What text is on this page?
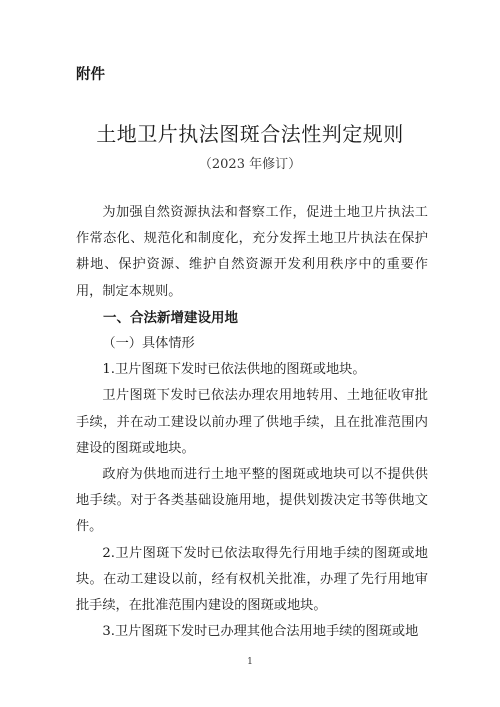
附件
土地卫片执法图斑合法性判定规则
（2023 年修订）

为加强自然资源执法和督察工作，促进土地卫片执法工作常态化、规范化和制度化，充分发挥土地卫片执法在保护耕地、保护资源、维护自然资源开发利用秩序中的重要作用，制定本规则。

一、合法新增建设用地

（一）具体情形

1.卫片图斑下发时已依法供地的图斑或地块。

卫片图斑下发时已依法办理农用地转用、土地征收审批手续，并在动工建设以前办理了供地手续，且在批准范围内建设的图斑或地块。

政府为供地而进行土地平整的图斑或地块可以不提供供地手续。对于各类基础设施用地，提供划拨决定书等供地文件。

2.卫片图斑下发时已依法取得先行用地手续的图斑或地块。在动工建设以前，经有权机关批准，办理了先行用地审批手续，在批准范围内建设的图斑或地块。

3.卫片图斑下发时已办理其他合法用地手续的图斑或地

1
